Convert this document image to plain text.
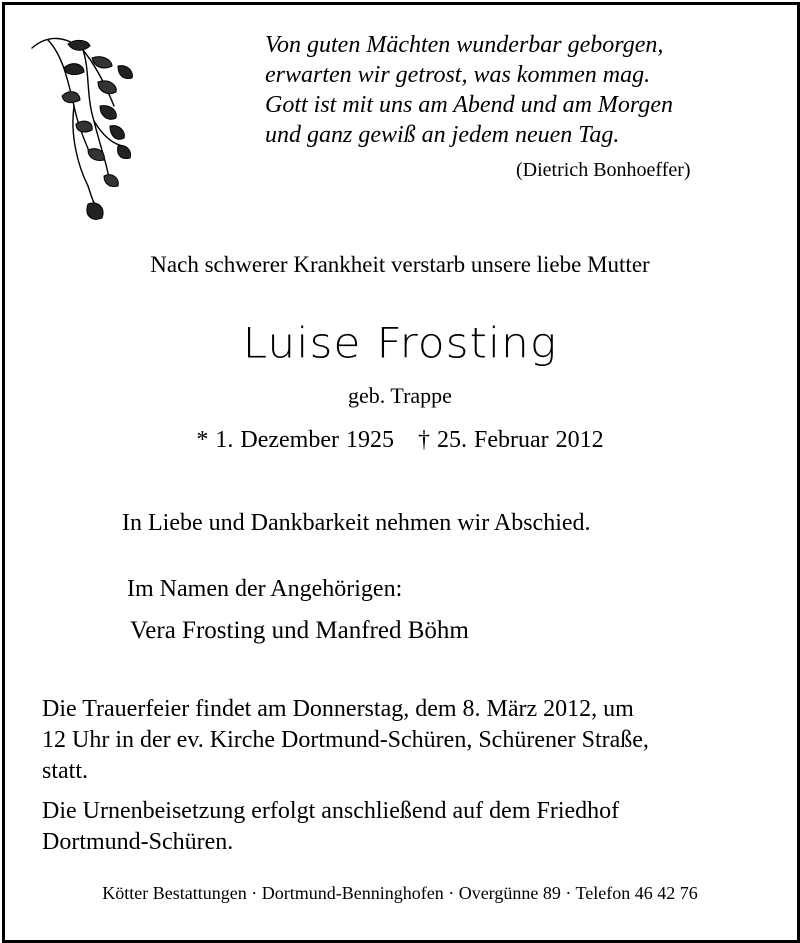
Von guten Mächten wunderbar geborgen,
erwarten wir getrost, was kommen mag.
Gott ist mit uns am Abend und am Morgen
und ganz gewiß an jedem neuen Tag.
(Dietrich Bonhoeffer)
Nach schwerer Krankheit verstarb unsere liebe Mutter
Luise Frosting
geb. Trappe
* 1. Dezember 1925 † 25. Februar 2012
In Liebe und Dankbarkeit nehmen wir Abschied.
Im Namen der Angehörigen:
Vera Frosting und Manfred Böhm
Die Trauerfeier findet am Donnerstag, dem 8. März 2012, um
12 Uhr in der ev. Kirche Dortmund-Schüren, Schürener Straße,
statt.
Die Urnenbeisetzung erfolgt anschließend auf dem Friedhof
Dortmund-Schüren.
Kötter Bestattungen · Dortmund-Benninghofen · Overgünne 89 · Telefon 46 42 76
